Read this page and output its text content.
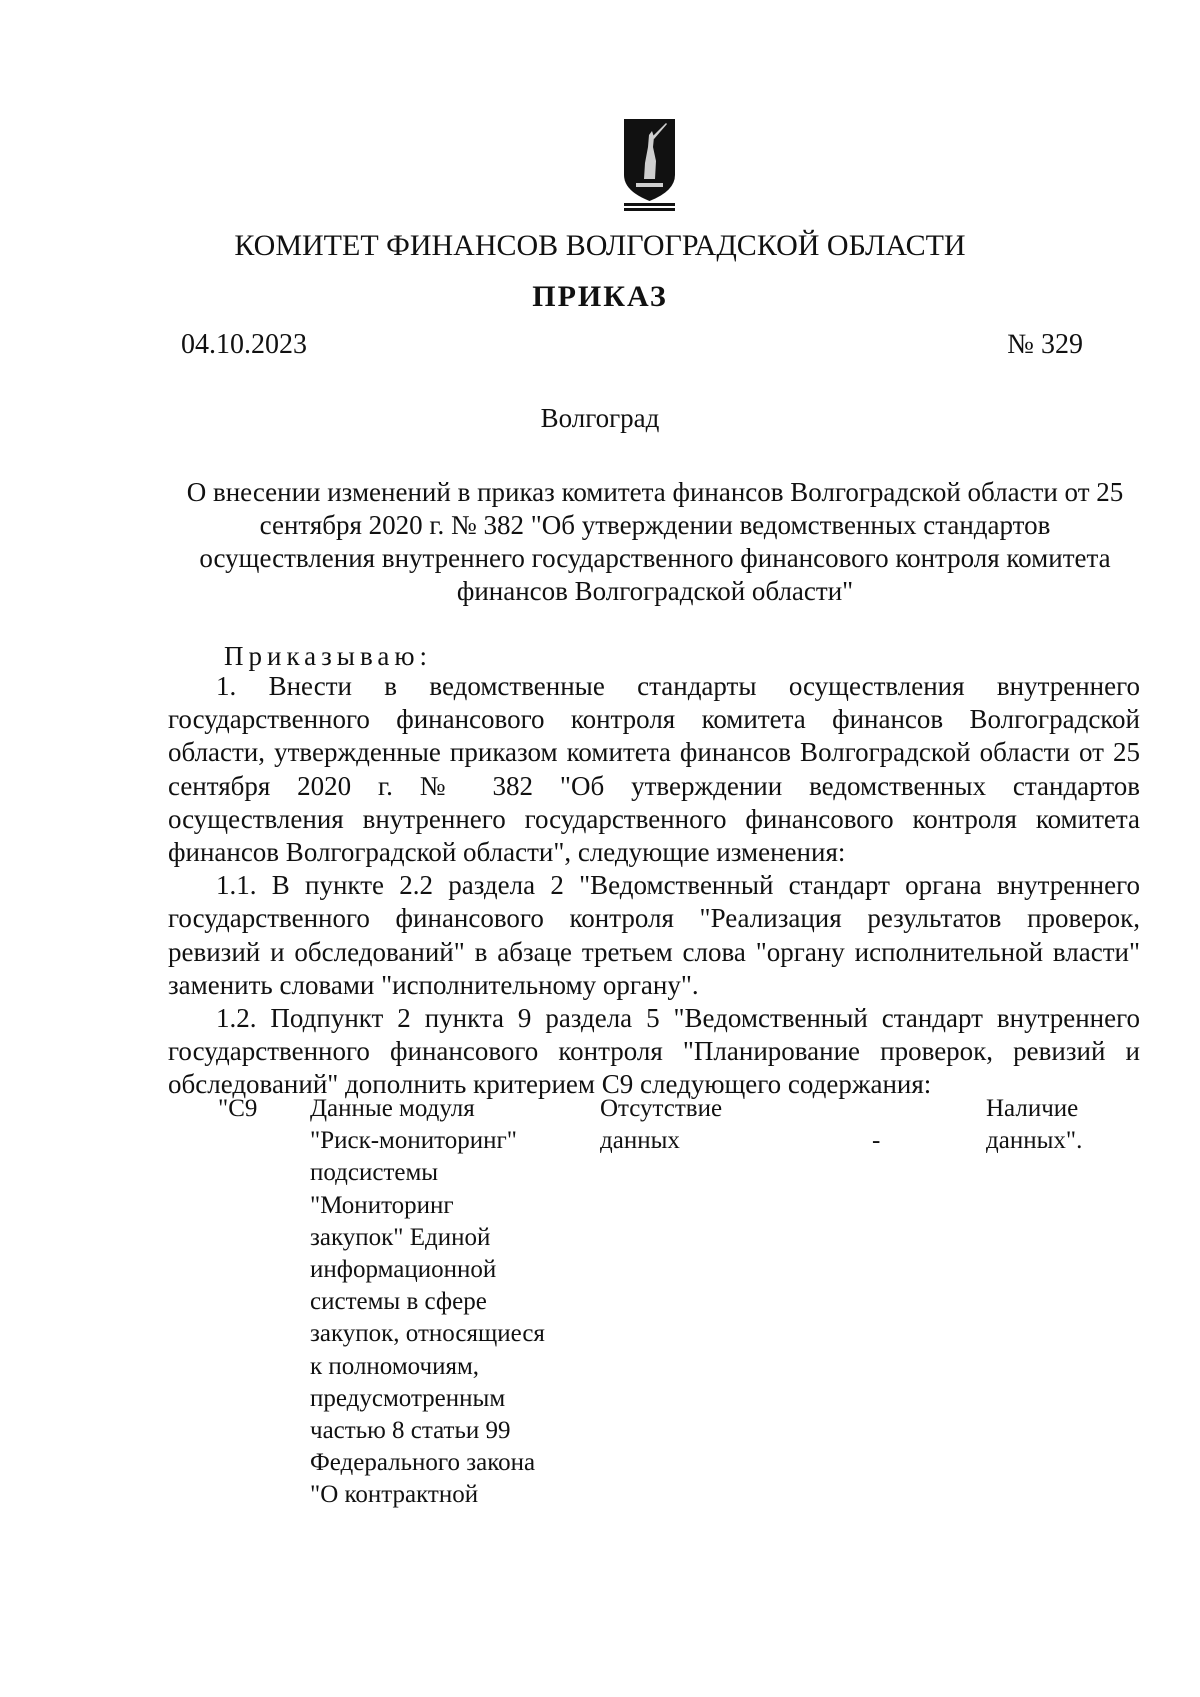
КОМИТЕТ ФИНАНСОВ ВОЛГОГРАДСКОЙ ОБЛАСТИ
ПРИКАЗ
04.10.2023	№ 329
Волгоград

О внесении изменений в приказ комитета финансов Волгоградской области от 25 сентября 2020 г. № 382 "Об утверждении ведомственных стандартов осуществления внутреннего государственного финансового контроля комитета финансов Волгоградской области"

Приказываю:

1. Внести в ведомственные стандарты осуществления внутреннего государственного финансового контроля комитета финансов Волгоградской области, утвержденные приказом комитета финансов Волгоградской области от 25 сентября 2020 г. № 382 "Об утверждении ведомственных стандартов осуществления внутреннего государственного финансового контроля комитета финансов Волгоградской области", следующие изменения:

1.1. В пункте 2.2 раздела 2 "Ведомственный стандарт органа внутреннего государственного финансового контроля "Реализация результатов проверок, ревизий и обследований" в абзаце третьем слова "органу исполнительной власти" заменить словами "исполнительному органу".

1.2. Подпункт 2 пункта 9 раздела 5 "Ведомственный стандарт внутреннего государственного финансового контроля "Планирование проверок, ревизий и обследований" дополнить критерием С9 следующего содержания:

"С9 Данные модуля
"Риск-мониторинг"
подсистемы
"Мониторинг
закупок" Единой
информационной
системы в сфере
закупок, относящиеся
к полномочиям,
предусмотренным
частью 8 статьи 99
Федерального закона
"О контрактной
Отсутствие данных	-
Наличие данных".
